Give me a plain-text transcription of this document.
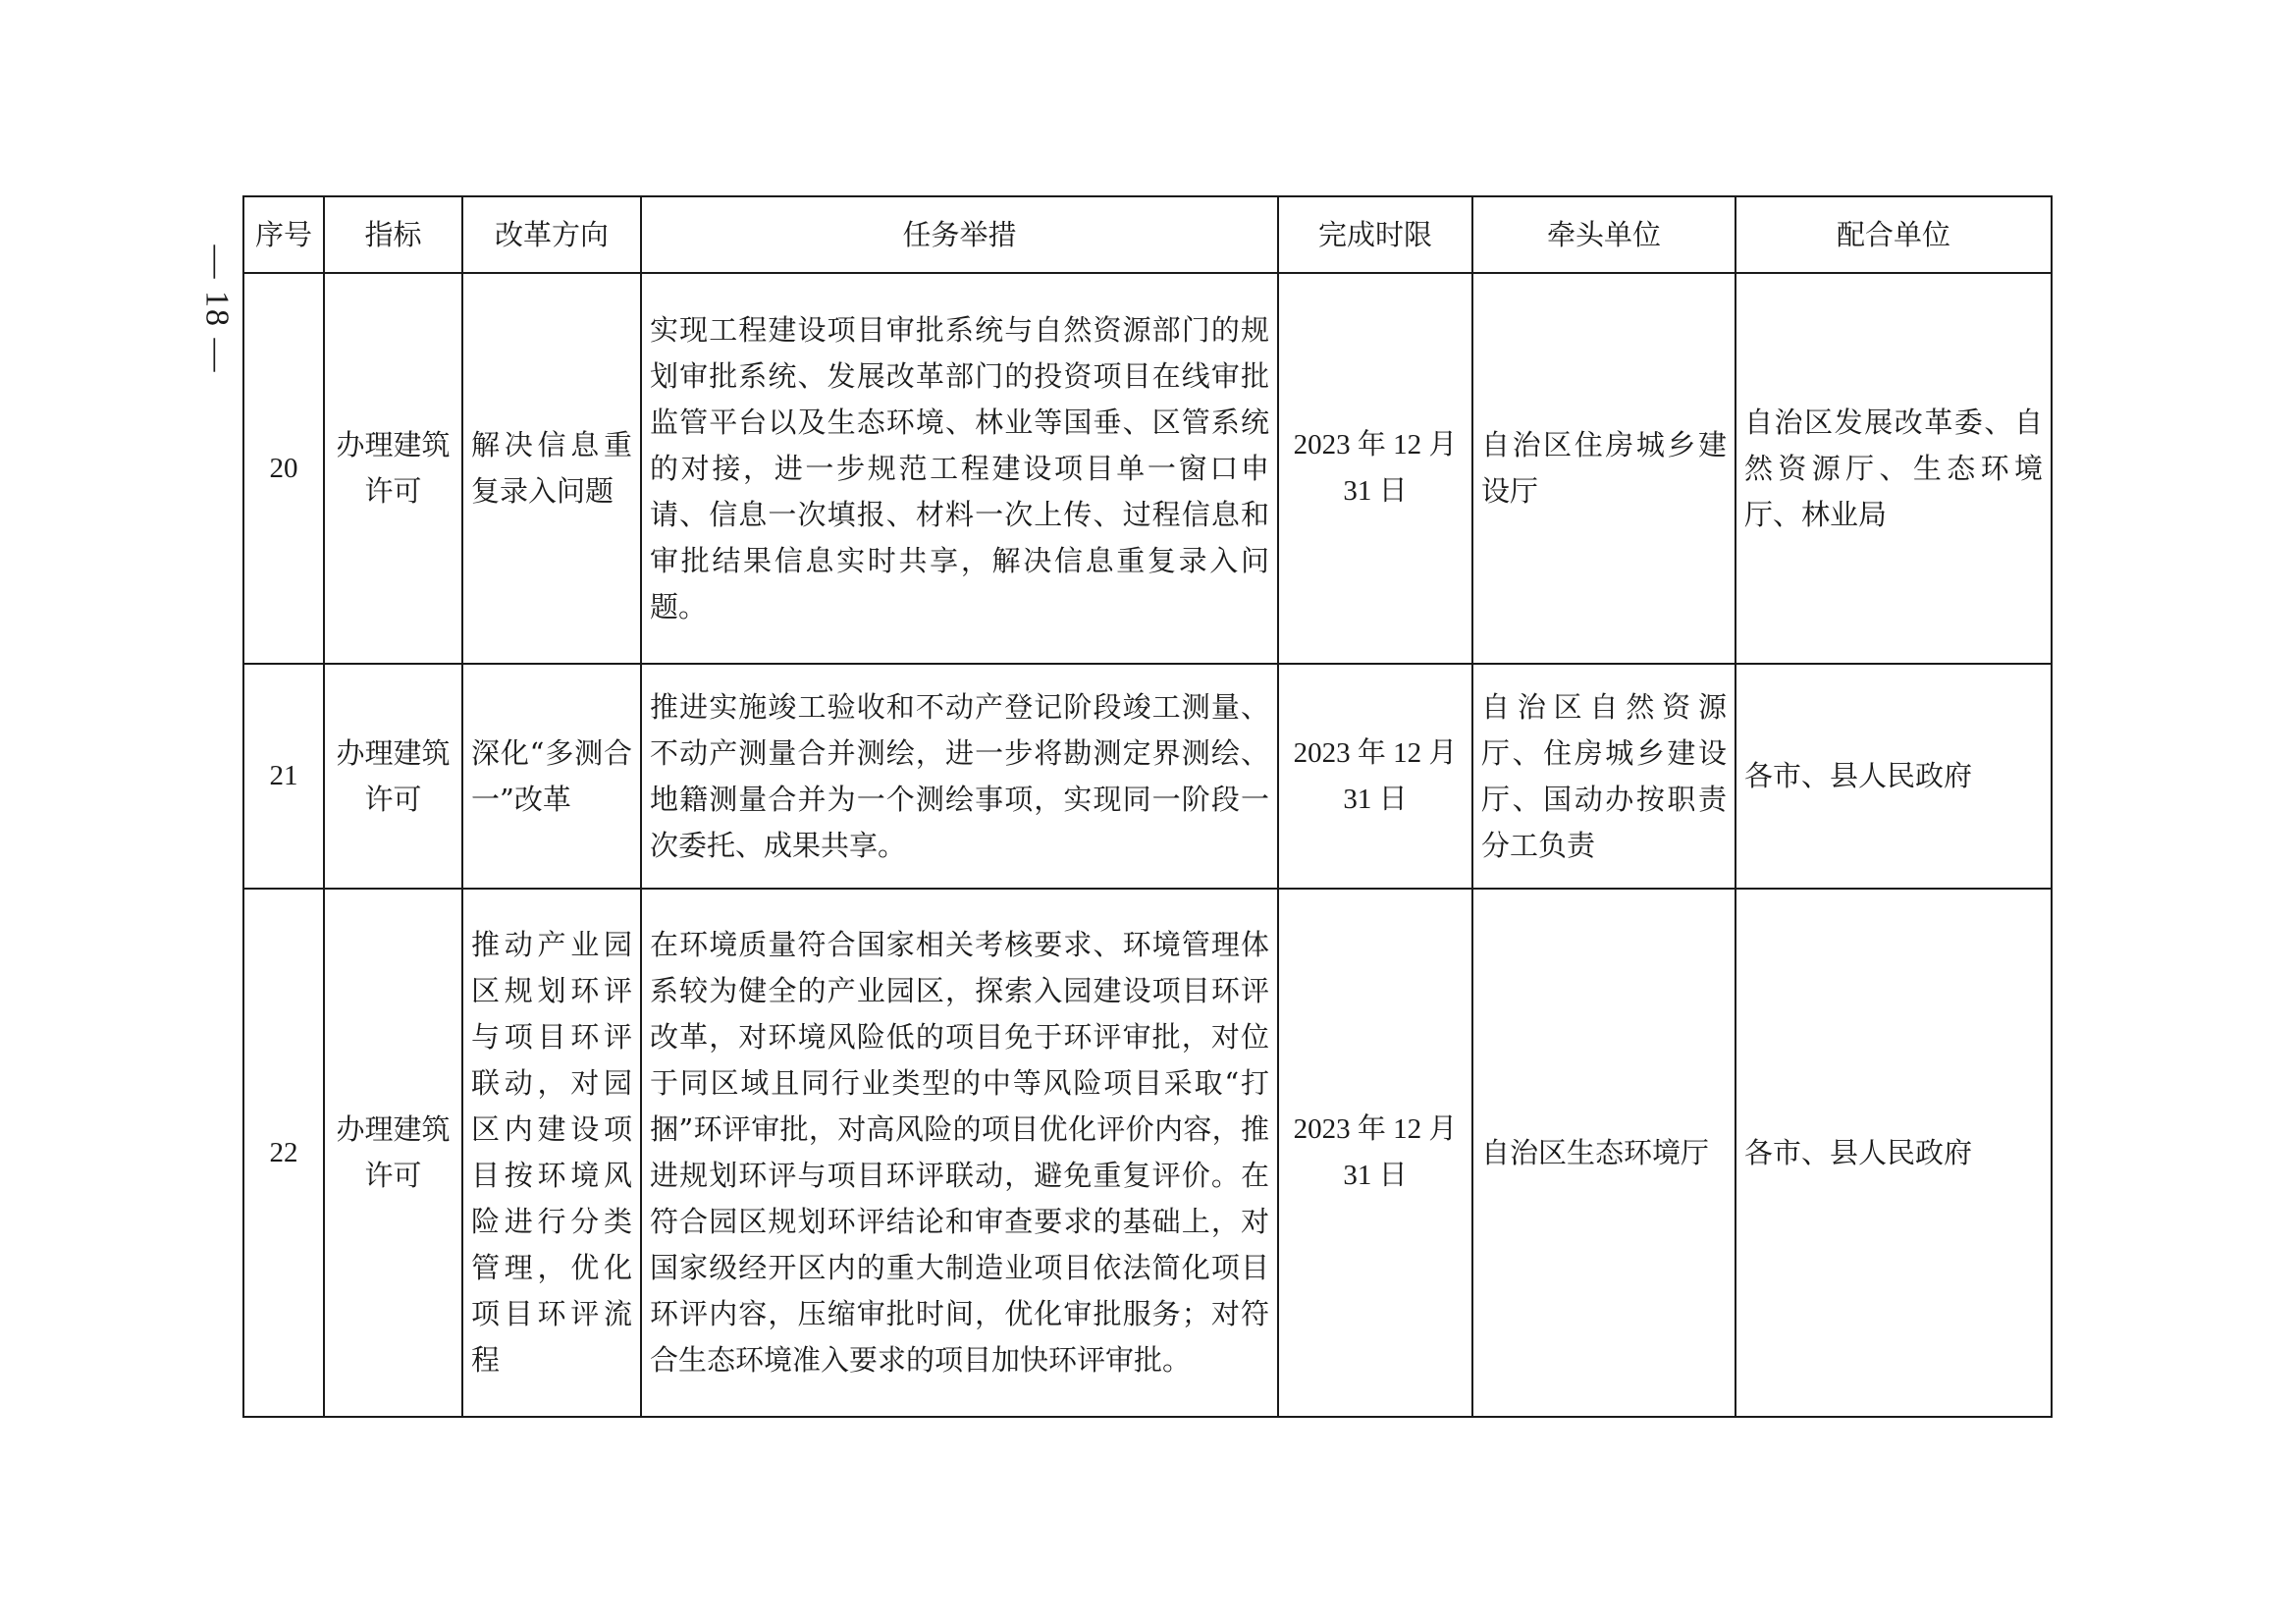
— 18 —
序号	指标	改革方向	任务举措	完成时限	牵头单位	配合单位
20	办理建筑许可	解决信息重复录入问题	实现工程建设项目审批系统与自然资源部门的规划审批系统、发展改革部门的投资项目在线审批监管平台以及生态环境、林业等国垂、区管系统的对接，进一步规范工程建设项目单一窗口申请、信息一次填报、材料一次上传、过程信息和审批结果信息实时共享，解决信息重复录入问题。	2023 年 12 月 31 日	自治区住房城乡建设厅	自治区发展改革委、自然资源厅、生态环境厅、林业局
21	办理建筑许可	深化“多测合一”改革	推进实施竣工验收和不动产登记阶段竣工测量、不动产测量合并测绘，进一步将勘测定界测绘、地籍测量合并为一个测绘事项，实现同一阶段一次委托、成果共享。	2023 年 12 月 31 日	自治区自然资源厅、住房城乡建设厅、国动办按职责分工负责	各市、县人民政府
22	办理建筑许可	推动产业园区规划环评与项目环评联动，对园区内建设项目按环境风险进行分类管理，优化项目环评流程	在环境质量符合国家相关考核要求、环境管理体系较为健全的产业园区，探索入园建设项目环评改革，对环境风险低的项目免于环评审批，对位于同区域且同行业类型的中等风险项目采取“打捆”环评审批，对高风险的项目优化评价内容，推进规划环评与项目环评联动，避免重复评价。在符合园区规划环评结论和审查要求的基础上，对国家级经开区内的重大制造业项目依法简化项目环评内容，压缩审批时间，优化审批服务；对符合生态环境准入要求的项目加快环评审批。	2023 年 12 月 31 日	自治区生态环境厅	各市、县人民政府
